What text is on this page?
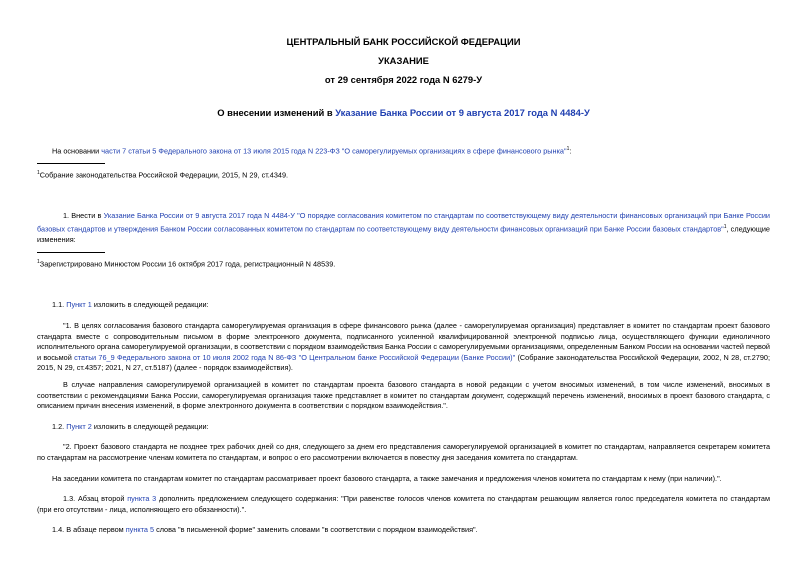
ЦЕНТРАЛЬНЫЙ БАНК РОССИЙСКОЙ ФЕДЕРАЦИИ
УКАЗАНИЕ
от 29 сентября 2022 года N 6279-У
О внесении изменений в Указание Банка России от 9 августа 2017 года N 4484-У
На основании части 7 статьи 5 Федерального закона от 13 июля 2015 года N 223-ФЗ "О саморегулируемых организациях в сфере финансового рынка"$^1$:
$^1$Собрание законодательства Российской Федерации, 2015, N 29, ст.4349.
1. Внести в Указание Банка России от 9 августа 2017 года N 4484-У "О порядке согласования комитетом по стандартам по соответствующему виду деятельности финансовых организаций при Банке России базовых стандартов и утверждения Банком России согласованных комитетом по стандартам по соответствующему виду деятельности финансовых организаций при Банке России базовых стандартов"$^1$, следующие изменения:
$^1$Зарегистрировано Минюстом России 16 октября 2017 года, регистрационный N 48539.
1.1. Пункт 1 изложить в следующей редакции:
"1. В целях согласования базового стандарта саморегулируемая организация в сфере финансового рынка (далее - саморегулируемая организация) представляет в комитет по стандартам проект базового стандарта вместе с сопроводительным письмом в форме электронного документа, подписанного усиленной квалифицированной электронной подписью лица, осуществляющего функции единоличного исполнительного органа саморегулируемой организации, в соответствии с порядком взаимодействия Банка России с саморегулируемыми организациями, определенным Банком России на основании частей первой и восьмой статьи 76_9 Федерального закона от 10 июля 2002 года N 86-ФЗ "О Центральном банке Российской Федерации (Банке России)" (Собрание законодательства Российской Федерации, 2002, N 28, ст.2790; 2015, N 29, ст.4357; 2021, N 27, ст.5187) (далее - порядок взаимодействия).
В случае направления саморегулируемой организацией в комитет по стандартам проекта базового стандарта в новой редакции с учетом вносимых изменений, в том числе изменений, вносимых в соответствии с рекомендациями Банка России, саморегулируемая организация также представляет в комитет по стандартам документ, содержащий перечень изменений, вносимых в проект базового стандарта, с описанием причин внесения изменений, в форме электронного документа в соответствии с порядком взаимодействия.".
1.2. Пункт 2 изложить в следующей редакции:
"2. Проект базового стандарта не позднее трех рабочих дней со дня, следующего за днем его представления саморегулируемой организацией в комитет по стандартам, направляется секретарем комитета по стандартам на рассмотрение членам комитета по стандартам, и вопрос о его рассмотрении включается в повестку дня заседания комитета по стандартам.
На заседании комитета по стандартам комитет по стандартам рассматривает проект базового стандарта, а также замечания и предложения членов комитета по стандартам к нему (при наличии).".
1.3. Абзац второй пункта 3 дополнить предложением следующего содержания: "При равенстве голосов членов комитета по стандартам решающим является голос председателя комитета по стандартам (при его отсутствии - лица, исполняющего его обязанности).".
1.4. В абзаце первом пункта 5 слова "в письменной форме" заменить словами "в соответствии с порядком взаимодействия".
